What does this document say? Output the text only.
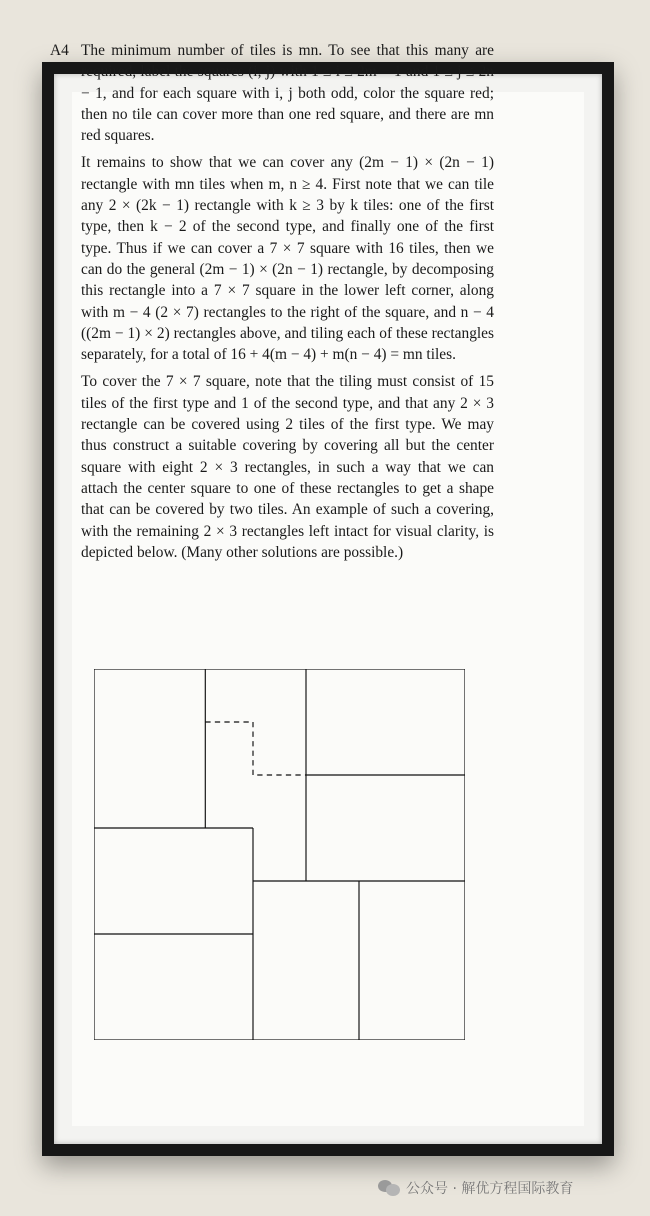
A4 The minimum number of tiles is mn. To see that this many are required, label the squares (i, j) with 1 ≤ i ≤ 2m − 1 and 1 ≤ j ≤ 2n − 1, and for each square with i, j both odd, color the square red; then no tile can cover more than one red square, and there are mn red squares.

It remains to show that we can cover any (2m − 1) × (2n − 1) rectangle with mn tiles when m, n ≥ 4. First note that we can tile any 2 × (2k − 1) rectangle with k ≥ 3 by k tiles: one of the first type, then k − 2 of the second type, and finally one of the first type. Thus if we can cover a 7 × 7 square with 16 tiles, then we can do the general (2m − 1) × (2n − 1) rectangle, by decomposing this rectangle into a 7 × 7 square in the lower left corner, along with m − 4 (2 × 7) rectangles to the right of the square, and n − 4 ((2m − 1) × 2) rectangles above, and tiling each of these rectangles separately, for a total of 16 + 4(m − 4) + m(n − 4) = mn tiles.

To cover the 7 × 7 square, note that the tiling must consist of 15 tiles of the first type and 1 of the second type, and that any 2 × 3 rectangle can be covered using 2 tiles of the first type. We may thus construct a suitable covering by covering all but the center square with eight 2 × 3 rectangles, in such a way that we can attach the center square to one of these rectangles to get a shape that can be covered by two tiles. An example of such a covering, with the remaining 2 × 3 rectangles left intact for visual clarity, is depicted below. (Many other solutions are possible.)

公众号 · 解优方程国际教育
